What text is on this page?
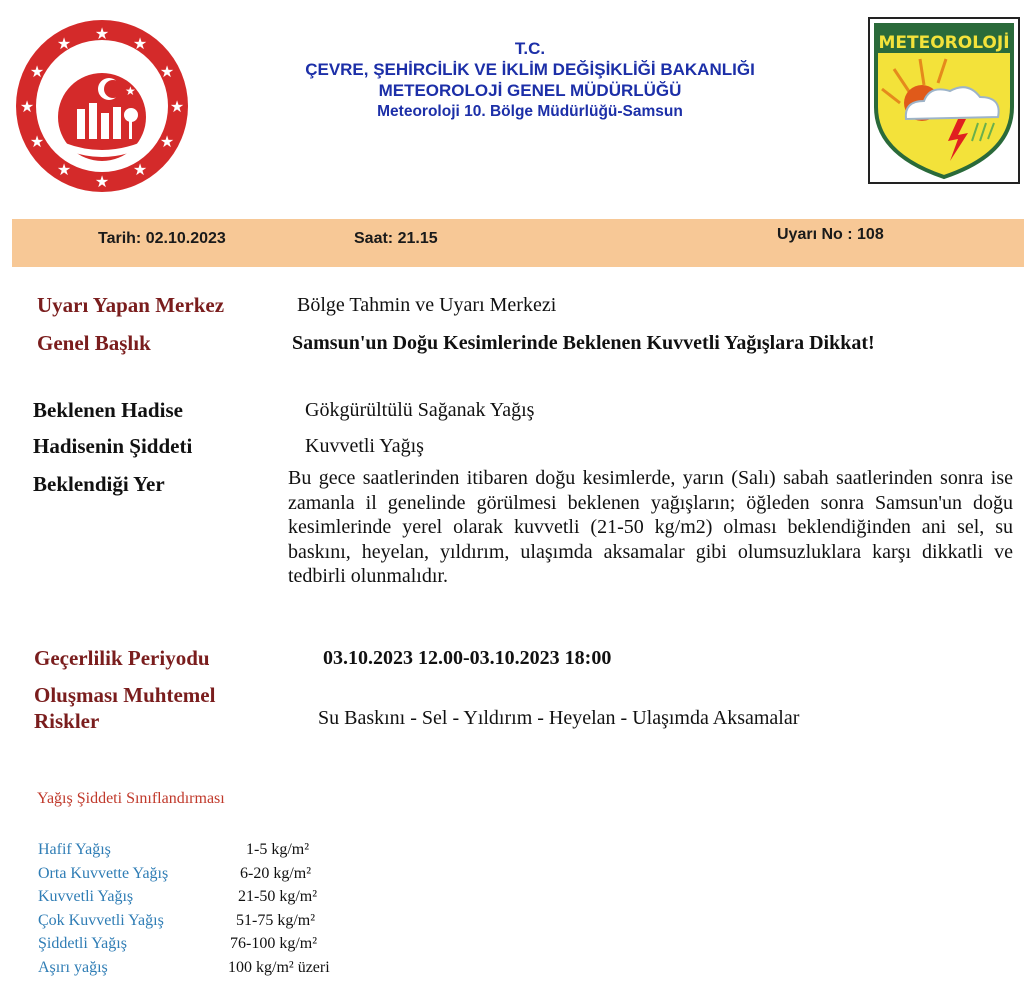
★
★
★
★
★
★
★
★
★
★
★
★
★
T.C.
ÇEVRE, ŞEHİRCİLİK VE İKLİM DEĞİŞİKLİĞİ BAKANLIĞI
METEOROLOJİ GENEL MÜDÜRLÜĞÜ
Meteoroloji 10. Bölge Müdürlüğü-Samsun
METEOROLOJİ
Tarih: 02.10.2023	Saat: 21.15	Uyarı No : 108
Uyarı Yapan Merkez	Bölge Tahmin ve Uyarı Merkezi
Genel Başlık	Samsun'un Doğu Kesimlerinde Beklenen Kuvvetli Yağışlara Dikkat!
Beklenen Hadise	Gökgürültülü Sağanak Yağış
Hadisenin Şiddeti	Kuvvetli Yağış
Beklendiği Yer	Bu gece saatlerinden itibaren doğu kesimlerde, yarın (Salı) sabah saatlerinden sonra ise zamanla il genelinde görülmesi beklenen yağışların; öğleden sonra Samsun'un doğu kesimlerinde yerel olarak kuvvetli (21-50 kg/m2) olması beklendiğinden ani sel, su baskını, heyelan, yıldırım, ulaşımda aksamalar gibi olumsuzluklara karşı dikkatli ve tedbirli olunmalıdır.
Geçerlilik Periyodu	03.10.2023 12.00-03.10.2023 18:00
Oluşması Muhtemel
Riskler	Su Baskını - Sel - Yıldırım - Heyelan - Ulaşımda Aksamalar
Yağış Şiddeti Sınıflandırması
Hafif Yağış	1-5 kg/m²
Orta Kuvvette Yağış	6-20 kg/m²
Kuvvetli Yağış	21-50 kg/m²
Çok Kuvvetli Yağış	51-75 kg/m²
Şiddetli Yağış	76-100 kg/m²
Aşırı yağış	100 kg/m² üzeri
